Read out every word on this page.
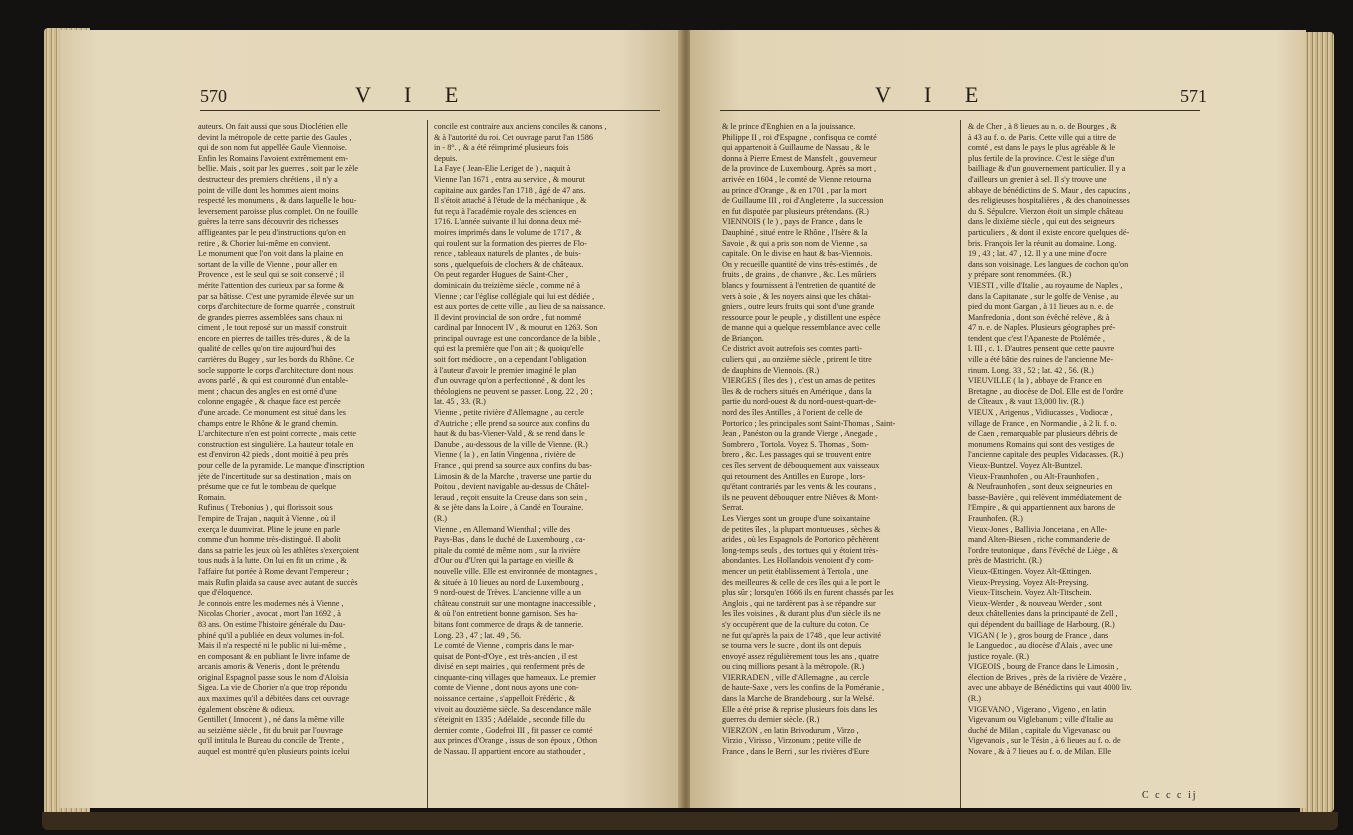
570	V I E
auteurs. On fait aussi que sous Dioclétien elle
devint la métropole de cette partie des Gaules ,
qui de son nom fut appellée Gaule Viennoise.
Enfin les Romains l'avoient extrêmement em-
bellie. Mais , soit par les guerres , soit par le zèle
destructeur des premiers chrétiens , il n'y a
point de ville dont les hommes aient moins
respecté les monumens , & dans laquelle le bou-
leversement paroisse plus complet. On ne fouille
guères la terre sans découvrir des richesses
affligeantes par le peu d'instructions qu'on en
retire , & Chorier lui-même en convient.
Le monument que l'on voit dans la plaine en
sortant de la ville de Vienne , pour aller en
Provence , est le seul qui se soit conservé ; il
mérite l'attention des curieux par sa forme &
par sa bâtisse. C'est une pyramide élevée sur un
corps d'architecture de forme quarrée , construit
de grandes pierres assemblées sans chaux ni
ciment , le tout reposé sur un massif construit
encore en pierres de tailles très-dures , & de la
qualité de celles qu'on tire aujourd'hui des
carrières du Bugey , sur les bords du Rhône. Ce
socle supporte le corps d'architecture dont nous
avons parlé , & qui est couronné d'un entable-
ment ; chacun des angles en est orné d'une
colonne engagée , & chaque face est percée
d'une arcade. Ce monument est situé dans les
champs entre le Rhône & le grand chemin.
L'architecture n'en est point correcte , mais cette
construction est singulière. La hauteur totale en
est d'environ 42 pieds , dont moitié à peu près
pour celle de la pyramide. Le manque d'inscription
jète de l'incertitude sur sa destination , mais on
présume que ce fut le tombeau de quelque
Romain.
Rufinus ( Trebonius ) , qui florissoit sous
l'empire de Trajan , naquit à Vienne , où il
exerça le duumvirat. Pline le jeune en parle
comme d'un homme très-distingué. Il abolit
dans sa patrie les jeux où les athlètes s'exerçoient
tous nuds à la lutte. On lui en fit un crime , &
l'affaire fut portée à Rome devant l'empereur ;
mais Rufin plaida sa cause avec autant de succès
que d'éloquence.
Je connois entre les modernes nés à Vienne ,
Nicolas Chorier , avocat , mort l'an 1692 , à
83 ans. On estime l'histoire générale du Dau-
phiné qu'il a publiée en deux volumes in-fol.
Mais il n'a respecté ni le public ni lui-même ,
en composant & en publiant le livre infame de
arcanis amoris & Veneris , dont le prétendu
original Espagnol passe sous le nom d'Aloïsia
Sigea. La vie de Chorier n'a que trop répondu
aux maximes qu'il a débitées dans cet ouvrage
également obscène & odieux.
Gentillet ( Innocent ) , né dans la même ville
au seizième siècle , fit du bruit par l'ouvrage
qu'il intitula le Bureau du concile de Trente ,
auquel est montré qu'en plusieurs points icelui
concile est contraire aux anciens conciles & canons ,
& à l'autorité du roi. Cet ouvrage parut l'an 1586
in - 8°. , & a été réimprimé plusieurs fois
depuis.
La Faye ( Jean-Elie Leriget de ) , naquit à
Vienne l'an 1671 , entra au service , & mourut
capitaine aux gardes l'an 1718 , âgé de 47 ans.
Il s'étoit attaché à l'étude de la méchanique , &
fut reçu à l'académie royale des sciences en
1716. L'année suivante il lui donna deux mé-
moires imprimés dans le volume de 1717 , &
qui roulent sur la formation des pierres de Flo-
rence , tableaux naturels de plantes , de buis-
sons , quelquefois de clochers & de châteaux.
On peut regarder Hugues de Saint-Cher ,
dominicain du treizième siècle , comme né à
Vienne ; car l'église collégiale qui lui est dédiée ,
est aux portes de cette ville , au lieu de sa naissance.
Il devint provincial de son ordre , fut nommé
cardinal par Innocent IV , & mourut en 1263. Son
principal ouvrage est une concordance de la bible ,
qui est la première que l'on ait ; & quoiqu'elle
soit fort médiocre , on a cependant l'obligation
à l'auteur d'avoir le premier imaginé le plan
d'un ouvrage qu'on a perfectionné , & dont les
théologiens ne peuvent se passer. Long. 22 , 20 ;
lat. 45 , 33. (R.)
Vienne , petite rivière d'Allemagne , au cercle
d'Autriche ; elle prend sa source aux confins du
haut & du bas-Viener-Vald , & se rend dans le
Danube , au-dessous de la ville de Vienne. (R.)
Vienne ( la ) , en latin Vingenna , rivière de
France , qui prend sa source aux confins du bas-
Limosin & de la Marche , traverse une partie du
Poitou , devient navigable au-dessus de Châtel-
leraud , reçoit ensuite la Creuse dans son sein ,
& se jète dans la Loire , à Candé en Touraine.
(R.)
Vienne , en Allemand Wienthal ; ville des
Pays-Bas , dans le duché de Luxembourg , ca-
pitale du comté de même nom , sur la rivière
d'Our ou d'Uren qui la partage en vieille &
nouvelle ville. Elle est environnée de montagnes ,
& située à 10 lieues au nord de Luxembourg ,
9 nord-ouest de Trèves. L'ancienne ville a un
château construit sur une montagne inaccessible ,
& où l'on entretient bonne garnison. Ses ha-
bitans font commerce de draps & de tannerie.
Long. 23 , 47 ; lat. 49 , 56.
Le comté de Vienne , compris dans le mar-
quisat de Pont-d'Oye , est très-ancien , il est
divisé en sept mairies , qui renferment près de
cinquante-cinq villages que hameaux. Le premier
comte de Vienne , dont nous ayons une con-
noissance certaine , s'appelloit Frédéric , &
vivoit au douzième siècle. Sa descendance mâle
s'éteignit en 1335 ; Adélaïde , seconde fille du
dernier comte , Godefroi III , fit passer ce comté
aux princes d'Orange , issus de son époux , Othon
de Nassau. Il appartient encore au stathouder ,
V I E	571
& le prince d'Enghien en a la jouissance.
Philippe II , roi d'Espagne , confisqua ce comté
qui appartenoit à Guillaume de Nassau , & le
donna à Pierre Ernest de Mansfelt , gouverneur
de la province de Luxembourg. Après sa mort ,
arrivée en 1604 , le comté de Vienne retourna
au prince d'Orange , & en 1701 , par la mort
de Guillaume III , roi d'Angleterre , la succession
en fut disputée par plusieurs prétendans. (R.)
VIENNOIS ( le ) , pays de France , dans le
Dauphiné , situé entre le Rhône , l'Isère & la
Savoie , & qui a pris son nom de Vienne , sa
capitale. On le divise en haut & bas-Viennois.
On y recueille quantité de vins très-estimés , de
fruits , de grains , de chanvre , &c. Les mûriers
blancs y fournissent à l'entretien de quantité de
vers à soie , & les noyers ainsi que les châtai-
gniers , outre leurs fruits qui sont d'une grande
ressource pour le peuple , y distillent une espèce
de manne qui a quelque ressemblance avec celle
de Briançon.
Ce district avoit autrefois ses comtes parti-
culiers qui , au onzième siècle , prirent le titre
de dauphins de Viennois. (R.)
VIERGES ( îles des ) , c'est un amas de petites
îles & de rochers situés en Amérique , dans la
partie du nord-ouest & du nord-ouest-quart-de-
nord des îles Antilles , à l'orient de celle de
Portorico ; les principales sont Saint-Thomas , Saint-
Jean , Panéston ou la grande Vierge , Anegade ,
Sombrero , Tortola. Voyez S. Thomas , Som-
brero , &c. Les passages qui se trouvent entre
ces îles servent de débouquement aux vaisseaux
qui retournent des Antilles en Europe , lors-
qu'étant contrariés par les vents & les courans ,
ils ne peuvent débouquer entre Niêves & Mont-
Serrat.
Les Vierges sont un groupe d'une soixantaine
de petites îles , la plupart montueuses , sèches &
arides , où les Espagnols de Portorico pêchèrent
long-temps seuls , des tortues qui y étoient très-
abondantes. Les Hollandois venoient d'y com-
mencer un petit établissement à Tertola , une
des meilleures & celle de ces îles qui a le port le
plus sûr ; lorsqu'en 1666 ils en furent chassés par les
Anglois , qui ne tardèrent pas à se répandre sur
les îles voisines , & durant plus d'un siècle ils ne
s'y occupèrent que de la culture du coton. Ce
ne fut qu'après la paix de 1748 , que leur activité
se tourna vers le sucre , dont ils ont depuis
envoyé assez régulièrement tous les ans , quatre
ou cinq millions pesant à la métropole. (R.)
VIERRADEN , ville d'Allemagne , au cercle
de haute-Saxe , vers les confins de la Poméranie ,
dans la Marche de Brandebourg , sur la Welsé.
Elle a été prise & reprise plusieurs fois dans les
guerres du dernier siècle. (R.)
VIERZON , en latin Brivodurum , Virzo ,
Virzio , Virisso , Virzonum ; petite ville de
France , dans le Berri , sur les rivières d'Eure
& de Cher , à 8 lieues au n. o. de Bourges , &
à 43 au f. o. de Paris. Cette ville qui a titre de
comté , est dans le pays le plus agréable & le
plus fertile de la province. C'est le siège d'un
bailliage & d'un gouvernement particulier. Il y a
d'ailleurs un grenier à sel. Il s'y trouve une
abbaye de bénédictins de S. Maur , des capucins ,
des religieuses hospitalières , & des chanoinesses
du S. Sépulcre. Vierzon étoit un simple château
dans le dixième siècle , qui eut des seigneurs
particuliers , & dont il existe encore quelques dé-
bris. François Ier la réunit au domaine. Long.
19 , 43 ; lat. 47 , 12. Il y a une mine d'ocre
dans son voisinage. Les langues de cochon qu'on
y prépare sont renommées. (R.)
VIESTI , ville d'Italie , au royaume de Naples ,
dans la Capitanate , sur le golfe de Venise , au
pied du mont Gargan , à 11 lieues au n. e. de
Manfredonia , dont son évêché relève , & à
47 n. e. de Naples. Plusieurs géographes pré-
tendent que c'est l'Apaneste de Ptolémée ,
l. III , c. 1. D'autres pensent que cette pauvre
ville a été bâtie des ruines de l'ancienne Me-
rinum. Long. 33 , 52 ; lat. 42 , 56. (R.)
VIEUVILLE ( la ) , abbaye de France en
Bretagne , au diocèse de Dol. Elle est de l'ordre
de Cîteaux , & vaut 13,000 liv. (R.)
VIEUX , Arigenus , Vidiucasses , Vodiocæ ,
village de France , en Normandie , à 2 li. f. o.
de Caen , remarquable par plusieurs débris de
monumens Romains qui sont des vestiges de
l'ancienne capitale des peuples Vidacasses. (R.)
Vieux-Buntzel. Voyez Alt-Buntzel.
Vieux-Fraunhofen , ou Alt-Fraunhofen ,
& Neufraunhofen , sont deux seigneuries en
basse-Bavière , qui relèvent immédiatement de
l'Empire , & qui appartiennent aux barons de
Fraunhofen. (R.)
Vieux-Jones , Ballivia Joncetana , en Alle-
mand Alten-Biesen , riche commanderie de
l'ordre teutonique , dans l'évêché de Liège , &
près de Mastricht. (R.)
Vieux-Œttingen. Voyez Alt-Œttingen.
Vieux-Preysing. Voyez Alt-Preysing.
Vieux-Titschein. Voyez Alt-Titschein.
Vieux-Werder , & nouveau Werder , sont
deux châtellenies dans la principauté de Zell ,
qui dépendent du bailliage de Harbourg. (R.)
VIGAN ( le ) , gros bourg de France , dans
le Languedoc , au diocèse d'Alais , avec une
justice royale. (R.)
VIGEOIS , bourg de France dans le Limosin ,
élection de Brives , près de la rivière de Vezère ,
avec une abbaye de Bénédictins qui vaut 4000 liv.
(R.)
VIGEVANO , Vigerano , Vigeno , en latin
Vigevanum ou Viglebanum ; ville d'Italie au
duché de Milan , capitale du Vigevanasc ou
Vigevanois , sur le Tésin , à 6 lieues au f. o. de
Novare , & à 7 lieues au f. o. de Milan. Elle
C c c c ij
